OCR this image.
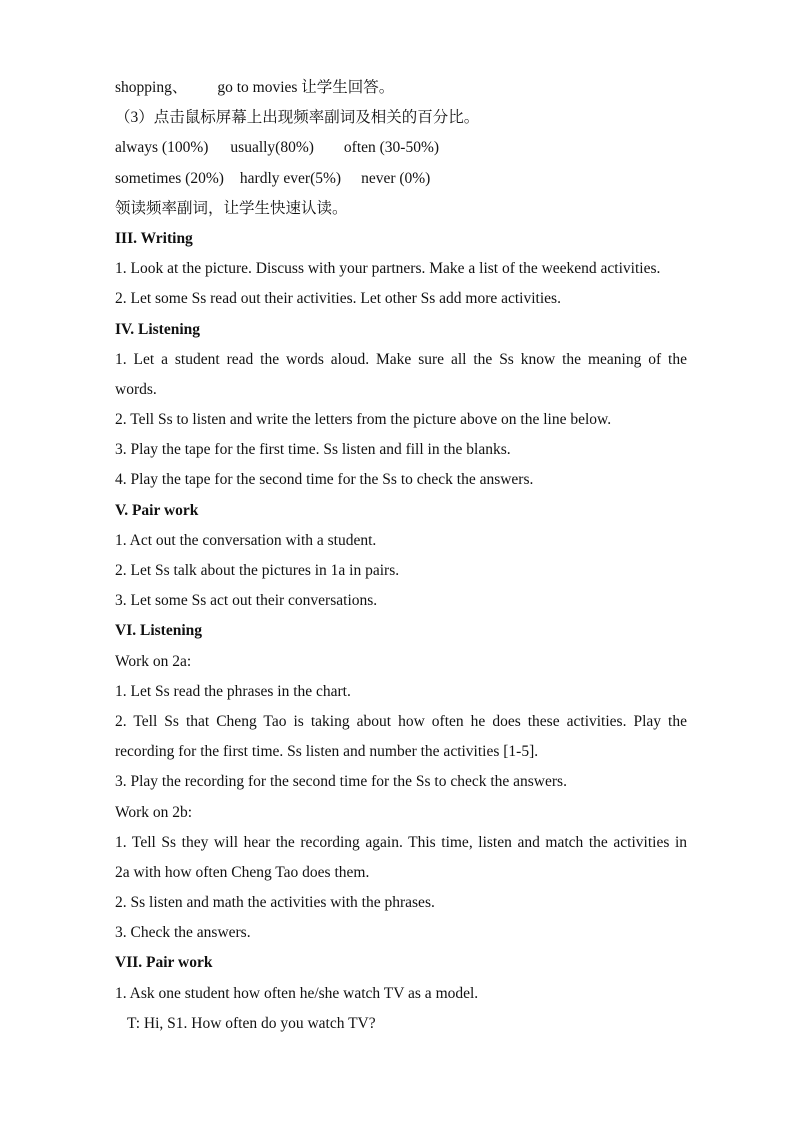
shopping、 go to movies 让学生回答。
（3）点击鼠标屏幕上出现频率副词及相关的百分比。
always (100%) usually(80%) often (30-50%)
sometimes (20%) hardly ever(5%) never (0%)
领读频率副词，让学生快速认读。
III. Writing
1. Look at the picture. Discuss with your partners. Make a list of the weekend activities.
2. Let some Ss read out their activities. Let other Ss add more activities.
IV. Listening
1. Let a student read the words aloud. Make sure all the Ss know the meaning of the
words.
2. Tell Ss to listen and write the letters from the picture above on the line below.
3. Play the tape for the first time. Ss listen and fill in the blanks.
4. Play the tape for the second time for the Ss to check the answers.
V. Pair work
1. Act out the conversation with a student.
2. Let Ss talk about the pictures in 1a in pairs.
3. Let some Ss act out their conversations.
VI. Listening
Work on 2a:
1. Let Ss read the phrases in the chart.
2. Tell Ss that Cheng Tao is taking about how often he does these activities. Play the
recording for the first time. Ss listen and number the activities [1-5].
3. Play the recording for the second time for the Ss to check the answers.
Work on 2b:
1. Tell Ss they will hear the recording again. This time, listen and match the activities in
2a with how often Cheng Tao does them.
2. Ss listen and math the activities with the phrases.
3. Check the answers.
VII. Pair work
1. Ask one student how often he/she watch TV as a model.
T: Hi, S1. How often do you watch TV?
